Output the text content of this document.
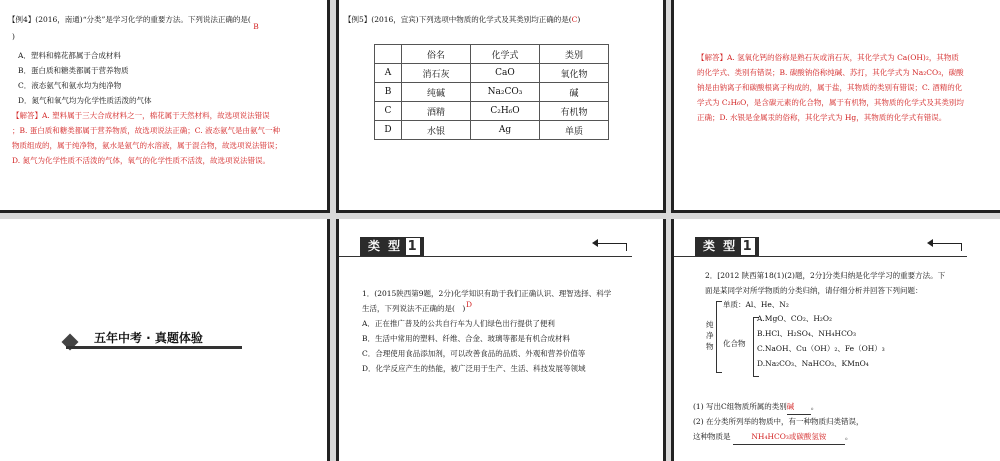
【例4】(2016，南通)“分类”是学习化学的重要方法。下列说法正确的是( B
)
A．塑料和棉花都属于合成材料
B．蛋白质和糖类都属于营养物质
C．液态氨气和氨水均为纯净物
D．氮气和氧气均为化学性质活泼的气体
【解答】A. 塑料属于三大合成材料之一，棉花属于天然材料，故选项说法错误
；B. 蛋白质和糖类都属于营养物质，故选项说法正确；C. 液态氨气是由氨气一种
物质组成的，属于纯净物，氨水是氨气的水溶液，属于混合物，故选项说法错误；
D. 氮气为化学性质不活泼的气体，氧气的化学性质不活泼，故选项说法错误。
【例5】(2016，宜宾)下列选项中物质的化学式及其类别均正确的是(C)
	俗名	化学式	类别
A	消石灰	CaO	氧化物
B	纯碱	Na₂CO₃	碱
C	酒精	C₂H₆O	有机物
D	水银	Ag	单质
【解答】A. 氢氧化钙的俗称是熟石灰或消石灰，其化学式为 Ca(OH)₂，其物质
的化学式、类别有错误；B. 碳酸钠俗称纯碱、苏打，其化学式为 Na₂CO₃，碳酸
钠是由钠离子和碳酸根离子构成的，属于盐，其物质的类别有错误；C. 酒精的化
学式为 C₂H₆O，是含碳元素的化合物，属于有机物，其物质的化学式及其类别均
正确；D. 水银是金属汞的俗称，其化学式为 Hg，其物质的化学式有错误。
五年中考 · 真题体验
类 型 1
1．(2015陕西第9题，2分)化学知识有助于我们正确认识、理智选择、科学
生活，下列说法不正确的是(　) D
A．正在推广普及的公共自行车为人们绿色出行提供了便利
B．生活中常用的塑料、纤维、合金、玻璃等都是有机合成材料
C．合理使用食品添加剂，可以改善食品的品质、外观和营养价值等
D．化学反应产生的热能，被广泛用于生产、生活、科技发展等领域
类 型 1
2．[2012 陕西第18(1)(2)题，2分]分类归纳是化学学习的重要方法。下
面是某同学对所学物质的分类归纳，请仔细分析并回答下列问题：
纯
净
物
单质：Al、He、N₂
化合物
A.MgO、CO₂、H₂O₂
B.HCl、H₂SO₄、NH₄HCO₃
C.NaOH、Cu（OH）₂、Fe（OH）₃
D.Na₂CO₃、NaHCO₃、KMnO₄
(1) 写出C组物质所属的类别碱 。
(2) 在分类所列举的物质中，有一种物质归类错误，
这种物质是	NH₄HCO₃或碳酸氢铵 。
